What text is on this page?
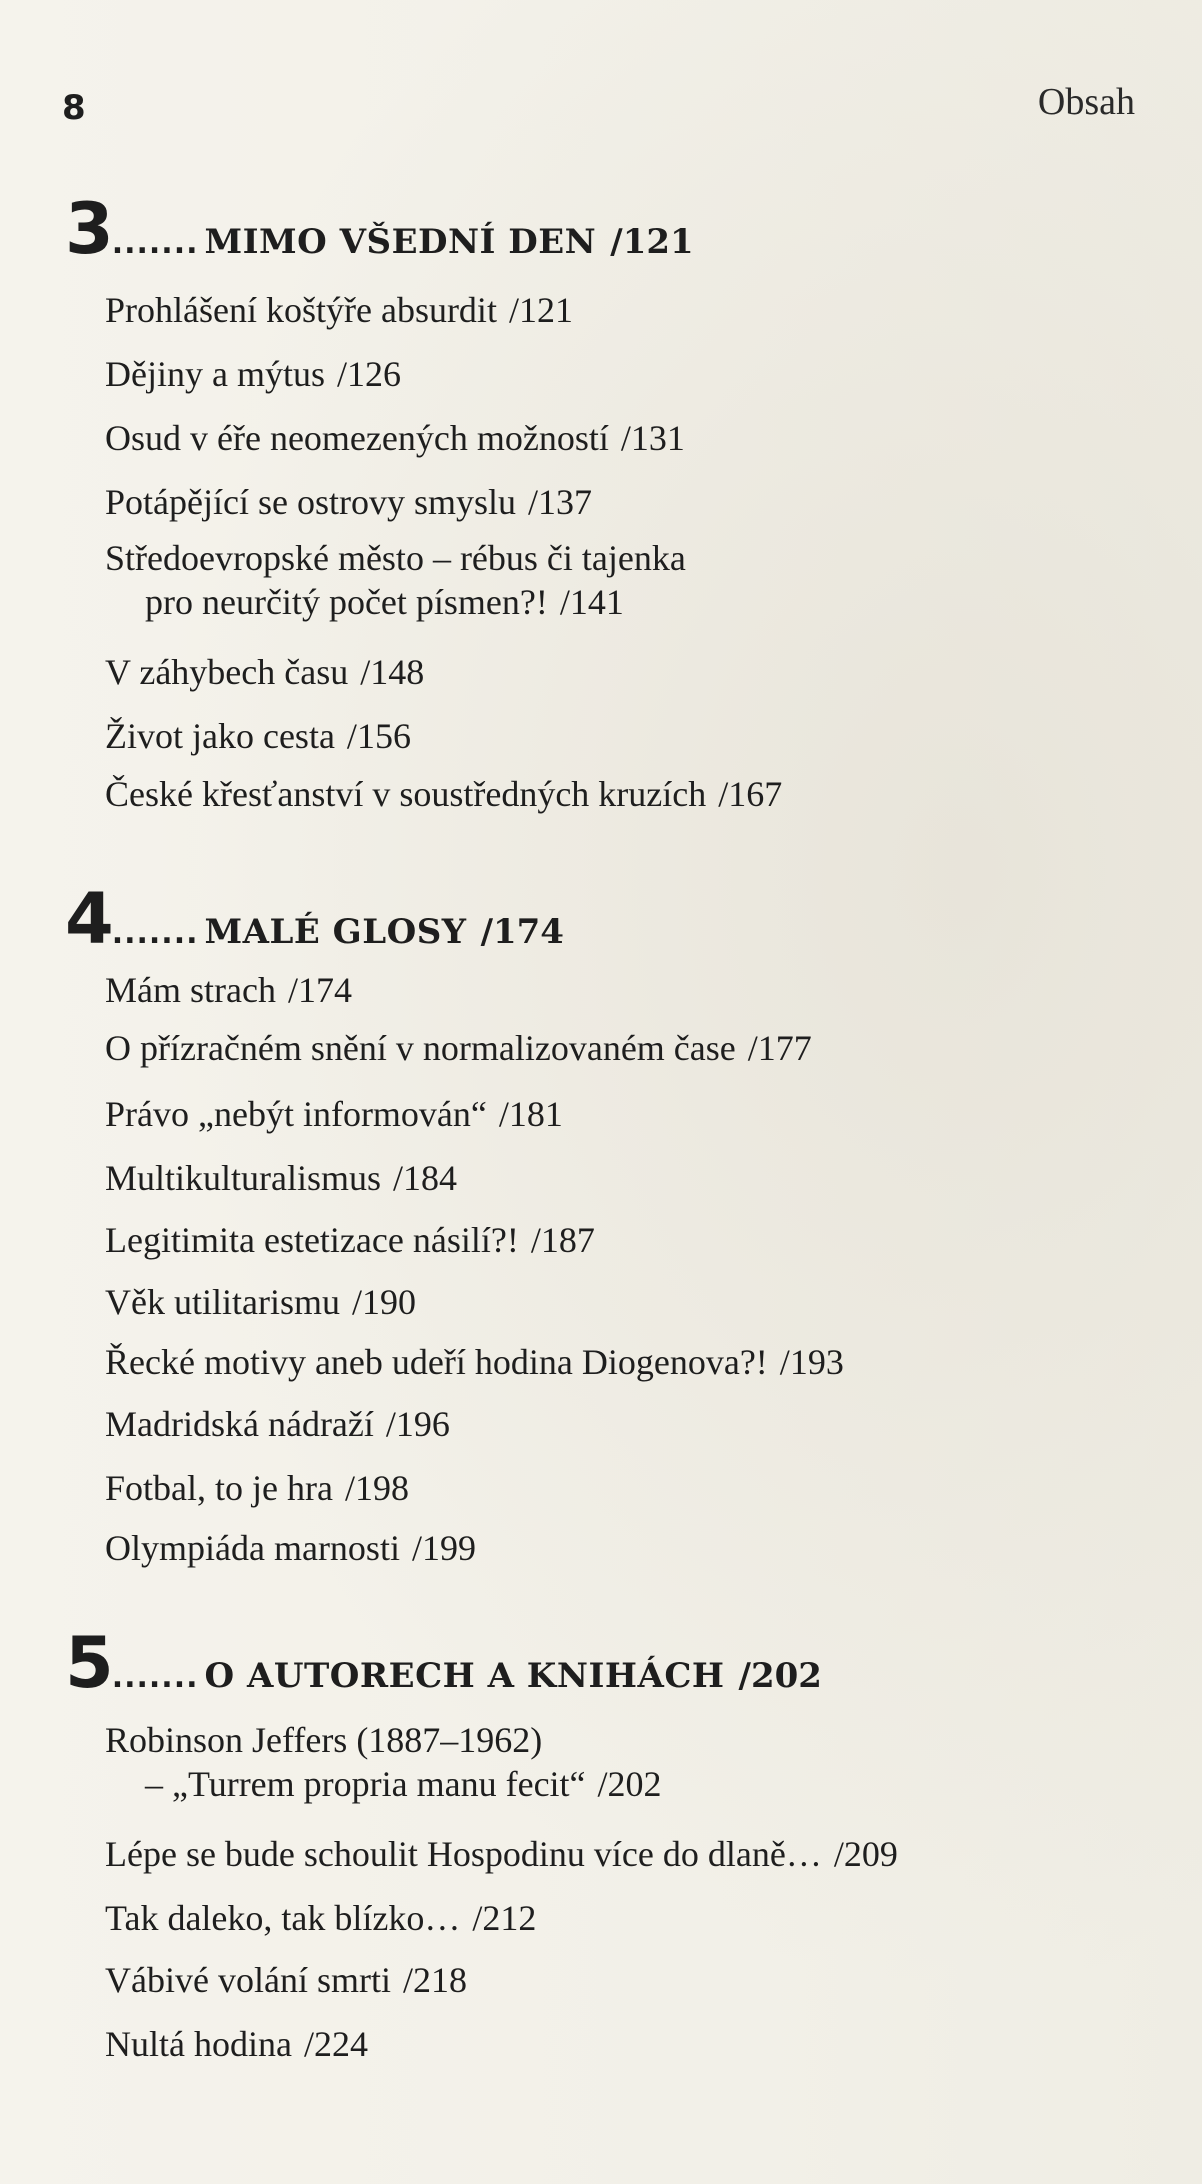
8	Obsah
3 ....... MIMO VŠEDNÍ DEN / 121
Prohlášení koštýře absurdit /121
Dějiny a mýtus /126
Osud v éře neomezených možností /131
Potápějící se ostrovy smyslu /137
Středoevropské město – rébus či tajenka
pro neurčitý počet písmen?! /141
V záhybech času /148
Život jako cesta /156
České křesťanství v soustředných kruzích /167
4 ....... MALÉ GLOSY / 174
Mám strach /174
O přízračném snění v normalizovaném čase /177
Právo „nebýt informován“ /181
Multikulturalismus /184
Legitimita estetizace násilí?! /187
Věk utilitarismu /190
Řecké motivy aneb udeří hodina Diogenova?! /193
Madridská nádraží /196
Fotbal, to je hra /198
Olympiáda marnosti /199
5 ....... O AUTORECH A KNIHÁCH / 202
Robinson Jeffers (1887–1962)
– „Turrem propria manu fecit“ /202
Lépe se bude schoulit Hospodinu více do dlaně… /209
Tak daleko, tak blízko… /212
Vábivé volání smrti /218
Nultá hodina /224
